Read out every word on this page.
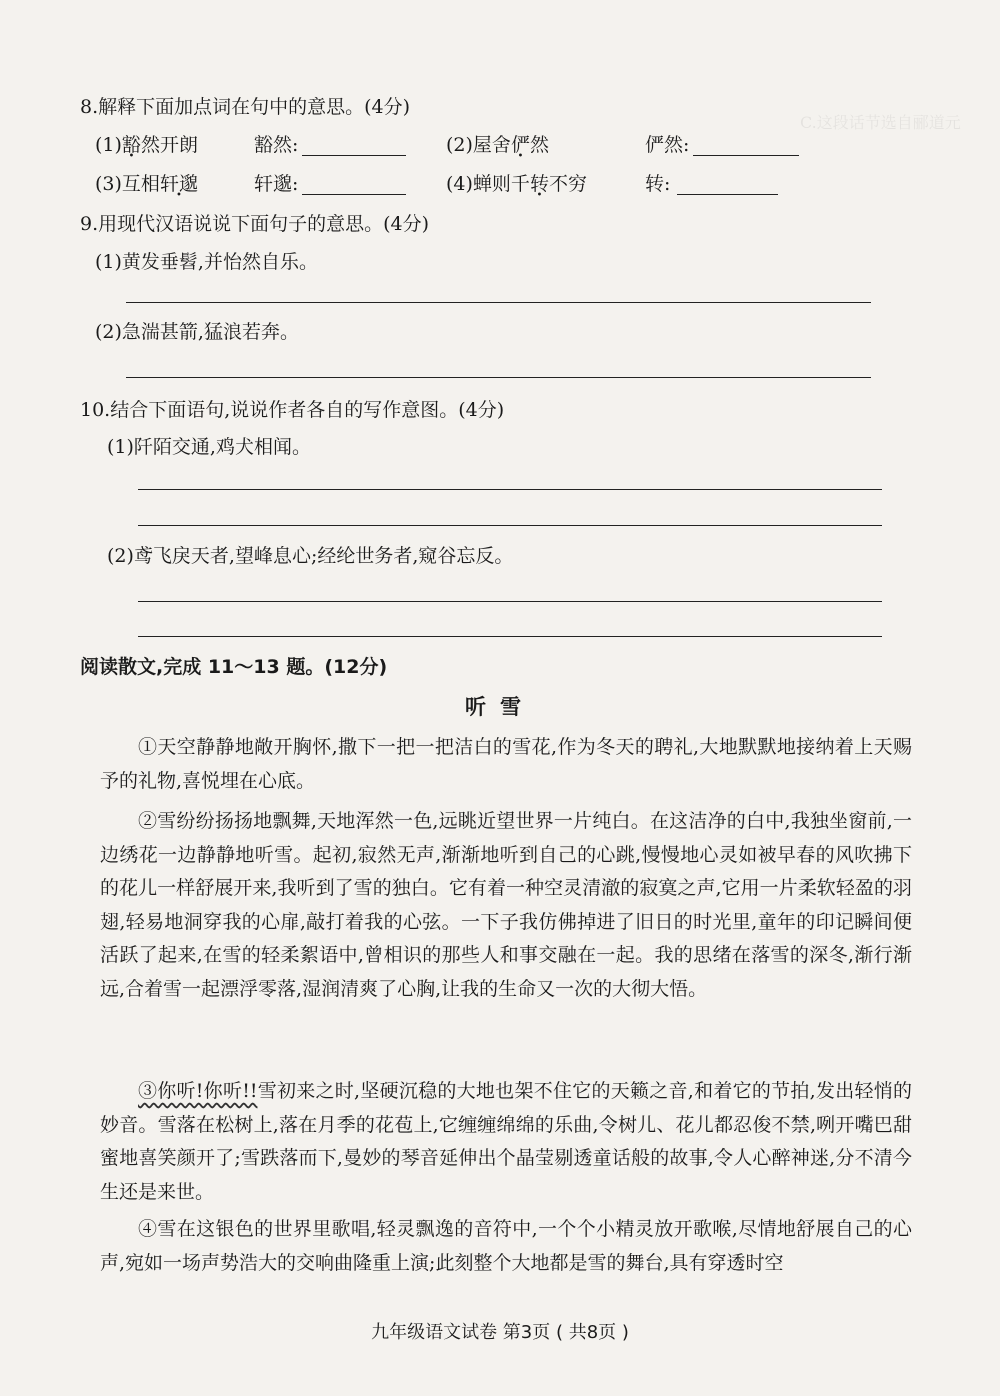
C.这段话节选自郦道元
8.解释下面加点词在句中的意思。(4分)
(1)豁然开朗	豁然:	(2)屋舍俨然	俨然:
(3)互相轩邈	轩邈:	(4)蝉则千转不穷	转:
9.用现代汉语说说下面句子的意思。(4分)
(1)黄发垂髫,并怡然自乐。
(2)急湍甚箭,猛浪若奔。
10.结合下面语句,说说作者各自的写作意图。(4分)
(1)阡陌交通,鸡犬相闻。
(2)鸢飞戾天者,望峰息心;经纶世务者,窥谷忘反。
阅读散文,完成 11～13 题。(12分)
听雪
①天空静静地敞开胸怀,撒下一把一把洁白的雪花,作为冬天的聘礼,大地默默地接纳着上天赐予的礼物,喜悦埋在心底。
②雪纷纷扬扬地飘舞,天地浑然一色,远眺近望世界一片纯白。在这洁净的白中,我独坐窗前,一边绣花一边静静地听雪。起初,寂然无声,渐渐地听到自己的心跳,慢慢地心灵如被早春的风吹拂下的花儿一样舒展开来,我听到了雪的独白。它有着一种空灵清澈的寂寞之声,它用一片柔软轻盈的羽翅,轻易地洞穿我的心扉,敲打着我的心弦。一下子我仿佛掉进了旧日的时光里,童年的印记瞬间便活跃了起来,在雪的轻柔絮语中,曾相识的那些人和事交融在一起。我的思绪在落雪的深冬,渐行渐远,合着雪一起漂浮零落,湿润清爽了心胸,让我的生命又一次的大彻大悟。
③你听!你听!!雪初来之时,坚硬沉稳的大地也架不住它的天籁之音,和着它的节拍,发出轻悄的妙音。雪落在松树上,落在月季的花苞上,它缠缠绵绵的乐曲,令树儿、花儿都忍俊不禁,咧开嘴巴甜蜜地喜笑颜开了;雪跌落而下,曼妙的琴音延伸出个晶莹剔透童话般的故事,令人心醉神迷,分不清今生还是来世。
④雪在这银色的世界里歌唱,轻灵飘逸的音符中,一个个小精灵放开歌喉,尽情地舒展自己的心声,宛如一场声势浩大的交响曲隆重上演;此刻整个大地都是雪的舞台,具有穿透时空
九年级语文试卷 第3页 ( 共8页 )
